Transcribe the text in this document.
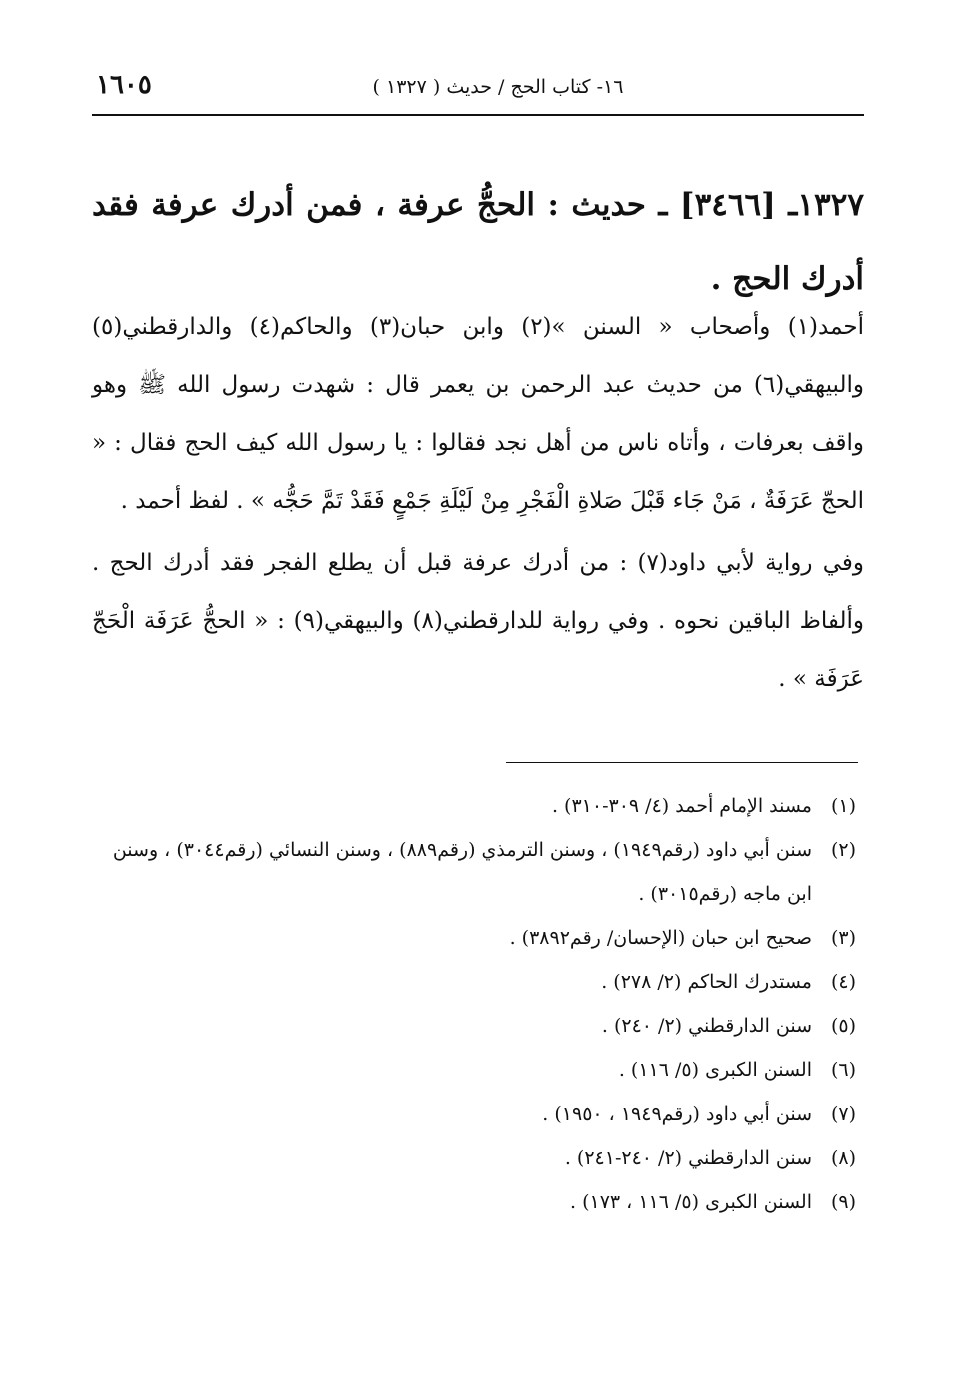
١٦- كتاب الحج / حديث ( ١٣٢٧ )
١٦٠٥
١٣٢٧ـ [٣٤٦٦] ـ حديث : الحجُّ عرفة ، فمن أدرك عرفة فقد أدرك الحج .

أحمد(١) وأصحاب « السنن »(٢) وابن حبان(٣) والحاكم(٤) والدارقطني(٥) والبيهقي(٦) من حديث عبد الرحمن بن يعمر قال : شهدت رسول الله ﷺ وهو واقف بعرفات ، وأتاه ناس من أهل نجد فقالوا : يا رسول الله كيف الحج فقال : « الحجّ عَرَفَةٌ ، مَنْ جَاء قَبْلَ صَلاةِ الْفَجْرِ مِنْ لَيْلَةِ جَمْعٍ فَقَدْ تَمَّ حَجُّه » . لفظ أحمد .

وفي رواية لأبي داود(٧) : من أدرك عرفة قبل أن يطلع الفجر فقد أدرك الحج . وألفاظ الباقين نحوه . وفي رواية للدارقطني(٨) والبيهقي(٩) : « الحجُّ عَرَفَة الْحَجّ عَرَفَة » .

(١)
مسند الإمام أحمد (٤/ ٣٠٩-٣١٠) .
(٢)
سنن أبي داود (رقم١٩٤٩) ، وسنن الترمذي (رقم٨٨٩) ، وسنن النسائي (رقم٣٠٤٤) ، وسنن ابن ماجه (رقم٣٠١٥) .
(٣)
صحيح ابن حبان (الإحسان/ رقم٣٨٩٢) .
(٤)
مستدرك الحاكم (٢/ ٢٧٨) .
(٥)
سنن الدارقطني (٢/ ٢٤٠) .
(٦)
السنن الكبرى (٥/ ١١٦) .
(٧)
سنن أبي داود (رقم١٩٤٩ ، ١٩٥٠) .
(٨)
سنن الدارقطني (٢/ ٢٤٠-٢٤١) .
(٩)
السنن الكبرى (٥/ ١١٦ ، ١٧٣) .
